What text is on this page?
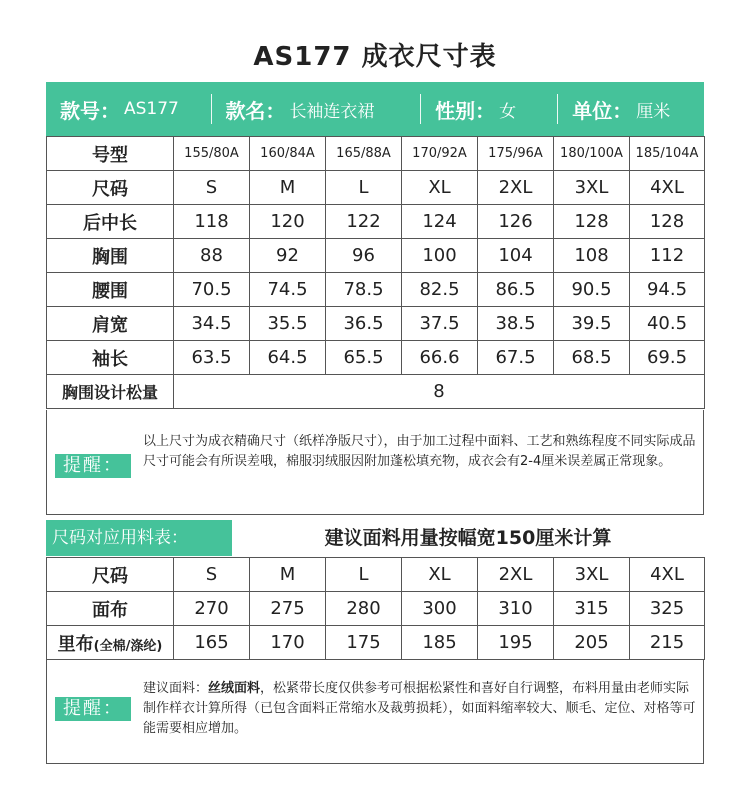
AS177 成衣尺寸表
款号： AS177 款名： 长袖连衣裙	性别： 女	单位： 厘米
号型	155/80A	160/84A	165/88A	170/92A	175/96A	180/100A	185/104A
尺码	S	M	L	XL	2XL	3XL	4XL
后中长	118	120	122	124	126	128	128
胸围	88	92	96	100	104	108	112
腰围	70.5	74.5	78.5	82.5	86.5	90.5	94.5
肩宽	34.5	35.5	36.5	37.5	38.5	39.5	40.5
袖长	63.5	64.5	65.5	66.6	67.5	68.5	69.5
胸围设计松量	8						
提醒：
以上尺寸为成衣精确尺寸（纸样净版尺寸），由于加工过程中面料、工艺和熟练程度不同实际成品尺寸可能会有所误差哦，棉服羽绒服因附加蓬松填充物，成衣会有2-4厘米误差属正常现象。
尺码对应用料表：	建议面料用量按幅宽150厘米计算
尺码	S	M	L	XL	2XL	3XL	4XL
面布	270	275	280	300	310	315	325
里布(全棉/涤纶)	165	170	175	185	195	205	215
提醒：
建议面料：丝绒面料，松紧带长度仅供参考可根据松紧性和喜好自行调整，布料用量由老师实际制作样衣计算所得（已包含面料正常缩水及裁剪损耗），如面料缩率较大、顺毛、定位、对格等可能需要相应增加。
